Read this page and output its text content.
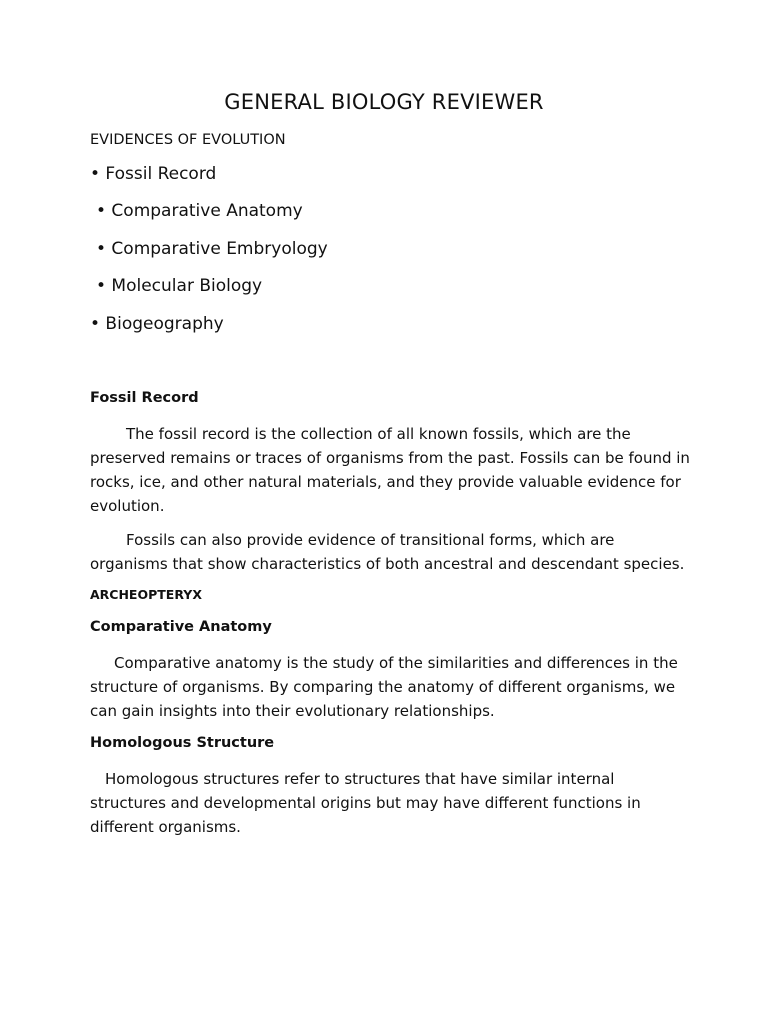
GENERAL BIOLOGY REVIEWER
EVIDENCES OF EVOLUTION
• Fossil Record
• Comparative Anatomy
• Comparative Embryology
• Molecular Biology
• Biogeography
Fossil Record
The fossil record is the collection of all known fossils, which are the preserved remains or traces of organisms from the past. Fossils can be found in rocks, ice, and other natural materials, and they provide valuable evidence for evolution.
Fossils can also provide evidence of transitional forms, which are organisms that show characteristics of both ancestral and descendant species.
ARCHEOPTERYX
Comparative Anatomy
Comparative anatomy is the study of the similarities and differences in the structure of organisms. By comparing the anatomy of different organisms, we can gain insights into their evolutionary relationships.
Homologous Structure
Homologous structures refer to structures that have similar internal structures and developmental origins but may have different functions in different organisms.
